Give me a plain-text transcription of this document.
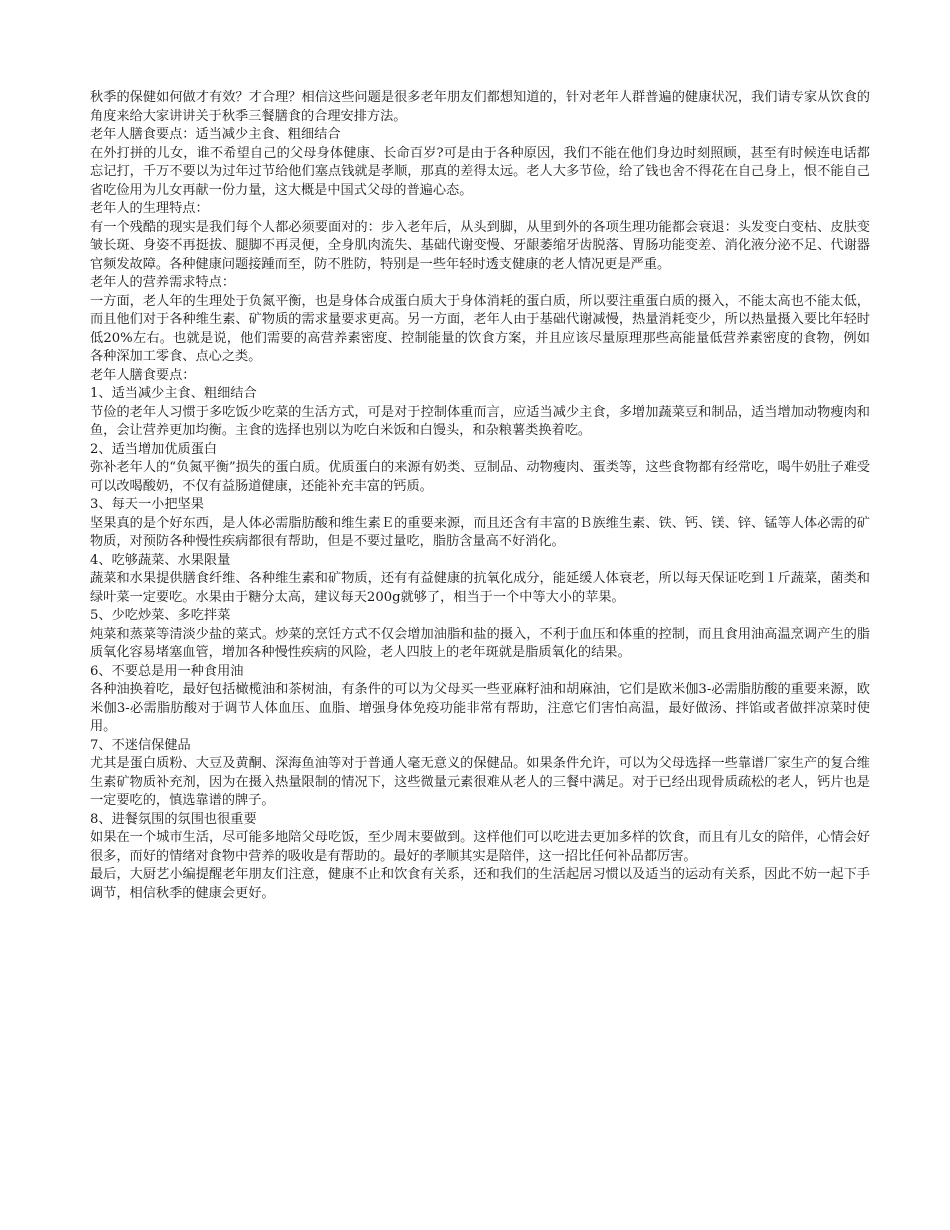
秋季的保健如何做才有效？才合理？相信这些问题是很多老年朋友们都想知道的，针对老年人群普遍的健康状况，我们请专家从饮食的角度来给大家讲讲关于秋季三餐膳食的合理安排方法。

老年人膳食要点：适当减少主食、粗细结合

在外打拼的儿女，谁不希望自己的父母身体健康、长命百岁?可是由于各种原因，我们不能在他们身边时刻照顾，甚至有时候连电话都忘记打，千万不要以为过年过节给他们塞点钱就是孝顺，那真的差得太远。老人大多节俭，给了钱也舍不得花在自己身上，恨不能自己省吃俭用为儿女再献一份力量，这大概是中国式父母的普遍心态。

老年人的生理特点：

有一个残酷的现实是我们每个人都必须要面对的：步入老年后，从头到脚，从里到外的各项生理功能都会衰退：头发变白变枯、皮肤变皱长斑、身姿不再挺拔、腿脚不再灵便，全身肌肉流失、基础代谢变慢、牙龈萎缩牙齿脱落、胃肠功能变差、消化液分泌不足、代谢器官频发故障。各种健康问题接踵而至，防不胜防，特别是一些年轻时透支健康的老人情况更是严重。

老年人的营养需求特点：

一方面，老人年的生理处于负氮平衡，也是身体合成蛋白质大于身体消耗的蛋白质，所以要注重蛋白质的摄入，不能太高也不能太低，而且他们对于各种维生素、矿物质的需求量要求更高。另一方面，老年人由于基础代谢减慢，热量消耗变少，所以热量摄入要比年轻时低20%左右。也就是说，他们需要的高营养素密度、控制能量的饮食方案，并且应该尽量原理那些高能量低营养素密度的食物，例如各种深加工零食、点心之类。

老年人膳食要点：

1、适当减少主食、粗细结合

节俭的老年人习惯于多吃饭少吃菜的生活方式，可是对于控制体重而言，应适当减少主食，多增加蔬菜豆和制品，适当增加动物瘦肉和鱼，会让营养更加均衡。主食的选择也别以为吃白米饭和白馒头，和杂粮薯类换着吃。

2、适当增加优质蛋白

弥补老年人的“负氮平衡”损失的蛋白质。优质蛋白的来源有奶类、豆制品、动物瘦肉、蛋类等，这些食物都有经常吃，喝牛奶肚子难受可以改喝酸奶，不仅有益肠道健康，还能补充丰富的钙质。

3、每天一小把坚果

坚果真的是个好东西，是人体必需脂肪酸和维生素Ｅ的重要来源，而且还含有丰富的Ｂ族维生素、铁、钙、镁、锌、锰等人体必需的矿物质，对预防各种慢性疾病都很有帮助，但是不要过量吃，脂肪含量高不好消化。

4、吃够蔬菜、水果限量

蔬菜和水果提供膳食纤维、各种维生素和矿物质，还有有益健康的抗氧化成分，能延缓人体衰老，所以每天保证吃到１斤蔬菜，菌类和绿叶菜一定要吃。水果由于糖分太高，建议每天200g就够了，相当于一个中等大小的苹果。

5、少吃炒菜、多吃拌菜

炖菜和蒸菜等清淡少盐的菜式。炒菜的烹饪方式不仅会增加油脂和盐的摄入，不利于血压和体重的控制，而且食用油高温烹调产生的脂质氧化容易堵塞血管，增加各种慢性疾病的风险，老人四肢上的老年斑就是脂质氧化的结果。

6、不要总是用一种食用油

各种油换着吃，最好包括橄榄油和茶树油，有条件的可以为父母买一些亚麻籽油和胡麻油，它们是欧米伽3-必需脂肪酸的重要来源，欧米伽3-必需脂肪酸对于调节人体血压、血脂、增强身体免疫功能非常有帮助，注意它们害怕高温，最好做汤、拌馅或者做拌凉菜时使用。

7、不迷信保健品

尤其是蛋白质粉、大豆及黄酮、深海鱼油等对于普通人毫无意义的保健品。如果条件允许，可以为父母选择一些靠谱厂家生产的复合维生素矿物质补充剂，因为在摄入热量限制的情况下，这些微量元素很难从老人的三餐中满足。对于已经出现骨质疏松的老人，钙片也是一定要吃的，慎选靠谱的牌子。

8、进餐氛围的氛围也很重要

如果在一个城市生活，尽可能多地陪父母吃饭，至少周末要做到。这样他们可以吃进去更加多样的饮食，而且有儿女的陪伴，心情会好很多，而好的情绪对食物中营养的吸收是有帮助的。最好的孝顺其实是陪伴，这一招比任何补品都厉害。

最后，大厨艺小编提醒老年朋友们注意，健康不止和饮食有关系，还和我们的生活起居习惯以及适当的运动有关系，因此不妨一起下手调节，相信秋季的健康会更好。
